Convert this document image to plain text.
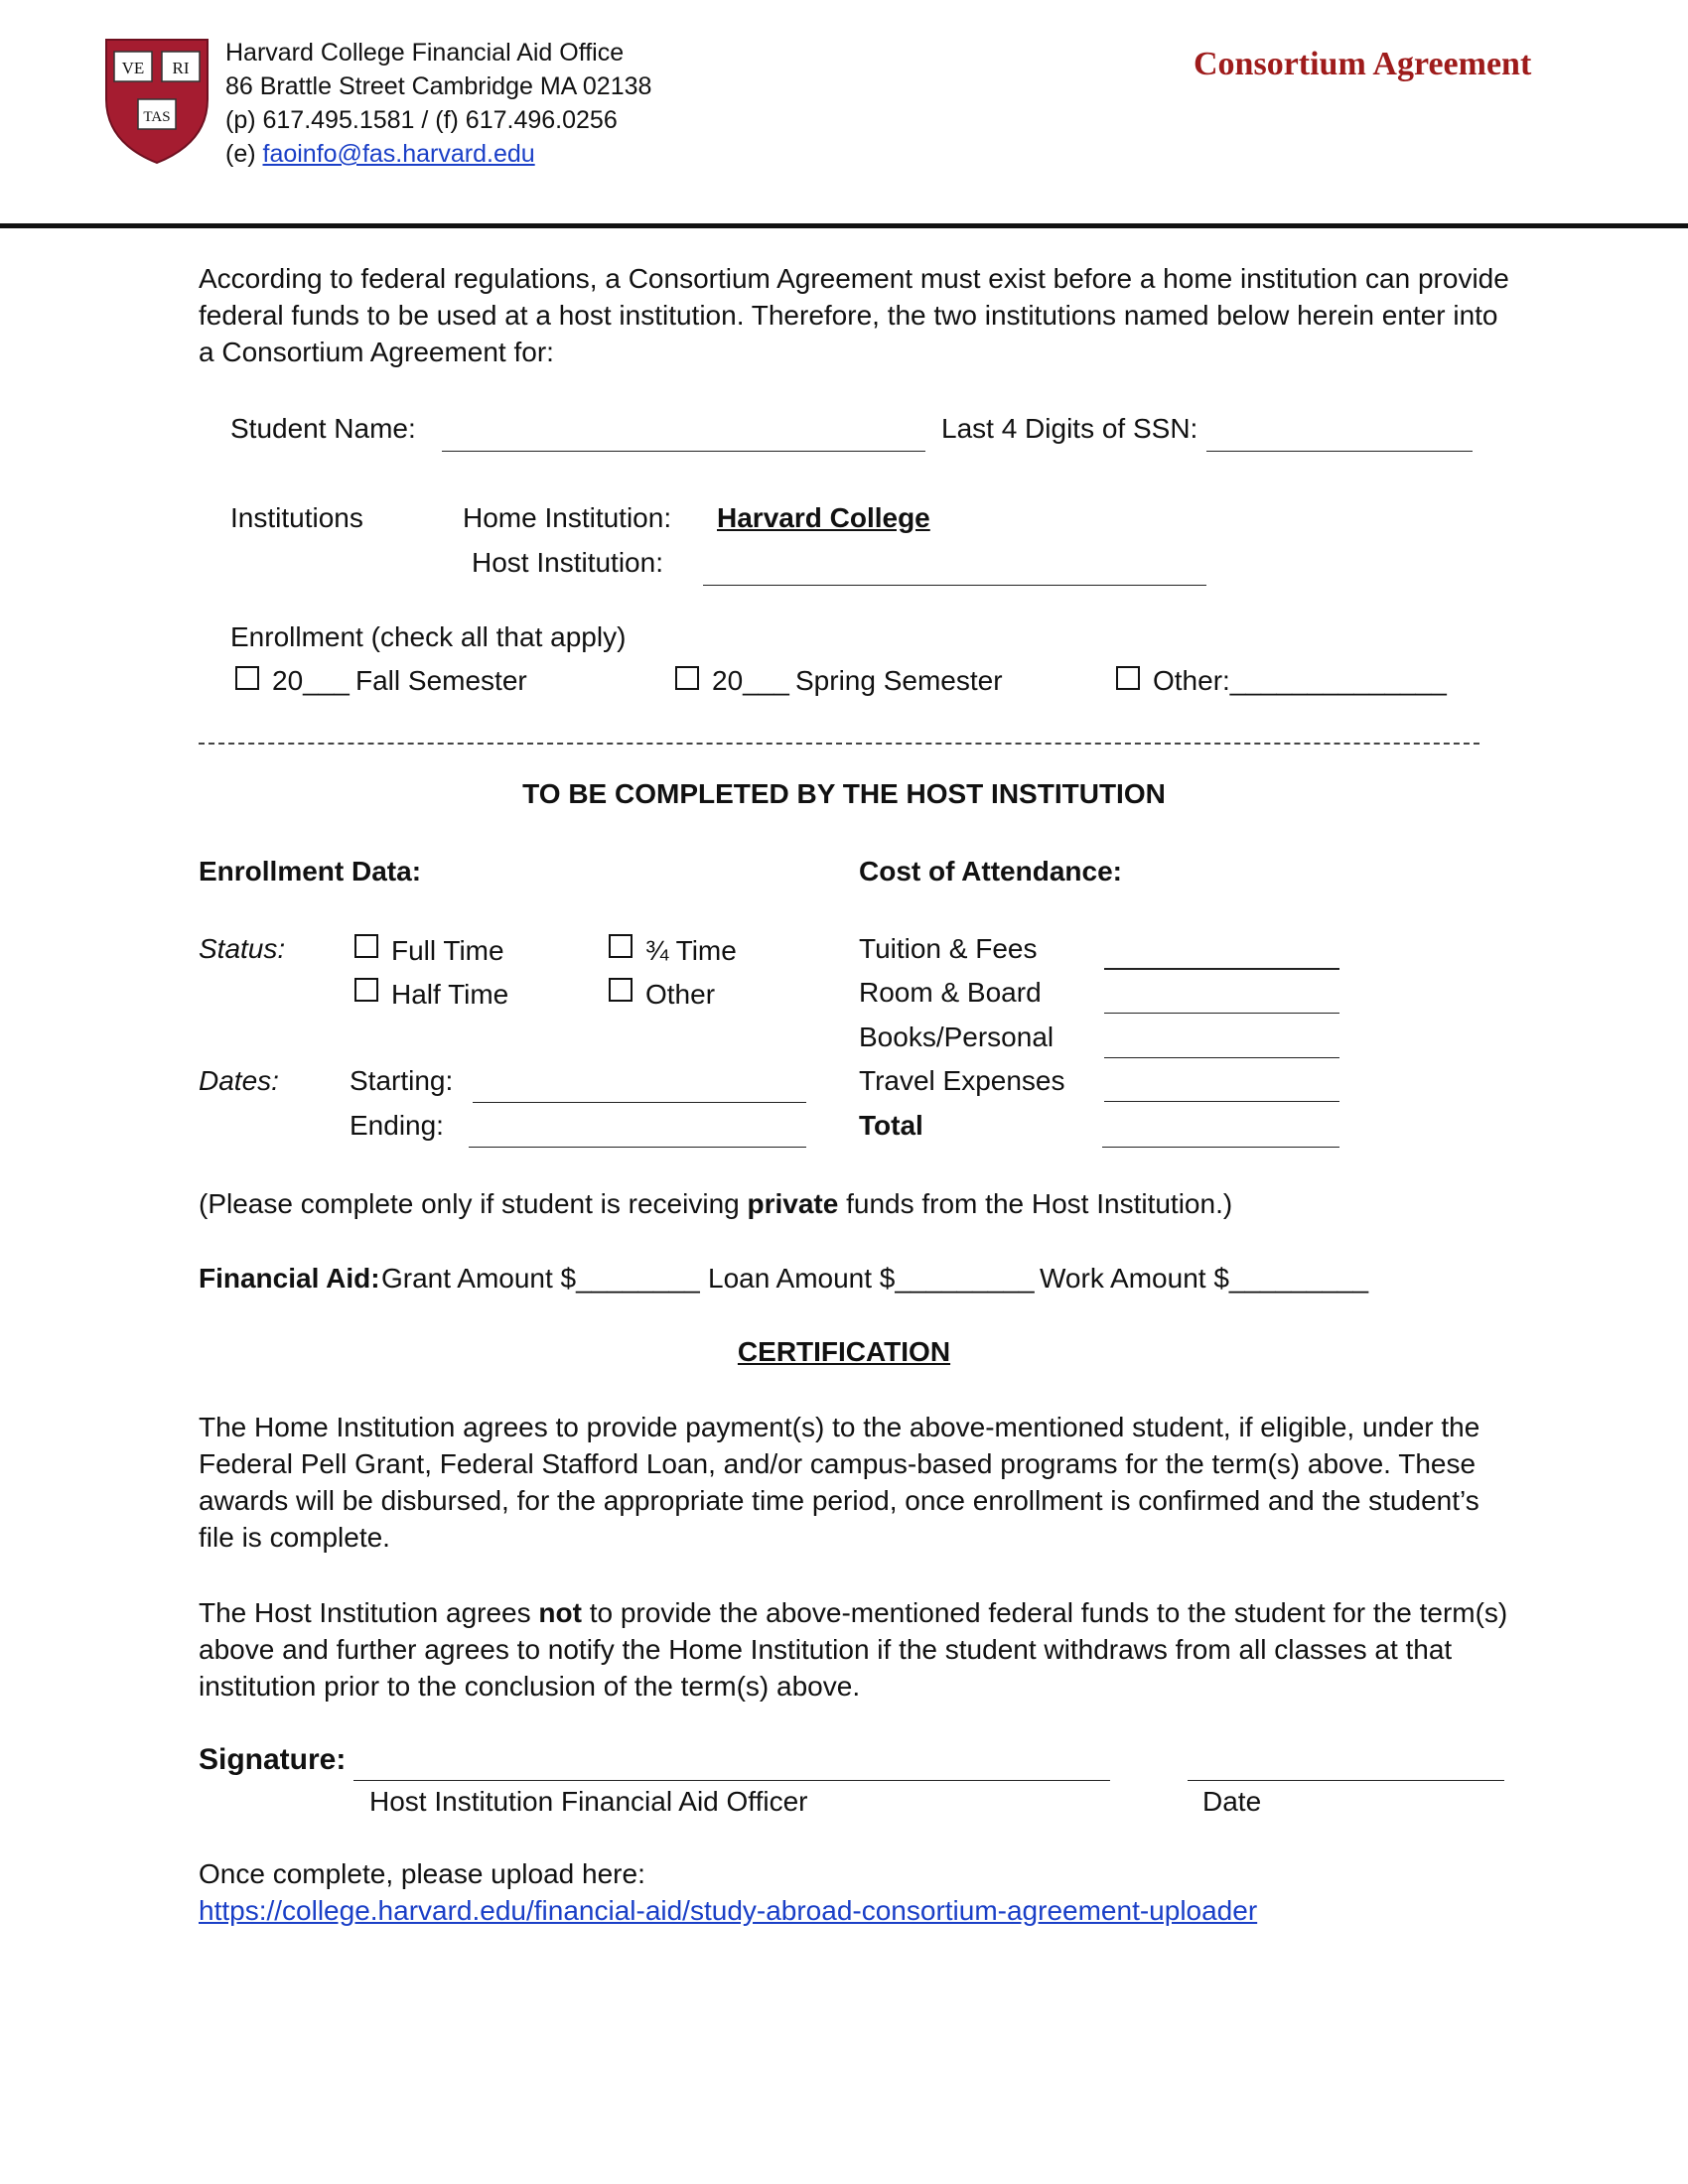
VE RI
TAS
Harvard College Financial Aid Office
86 Brattle Street Cambridge MA 02138
(p) 617.495.1581 / (f) 617.496.0256
(e) faoinfo@fas.harvard.edu
Consortium Agreement
According to federal regulations, a Consortium Agreement must exist before a home institution can provide federal funds to be used at a host institution. Therefore, the two institutions named below herein enter into a Consortium Agreement for:
Student Name:	Last 4 Digits of SSN:
Institutions	Home Institution: Harvard College
Host Institution:
Enrollment (check all that apply)
20___ Fall Semester	20___ Spring Semester	Other:______________
TO BE COMPLETED BY THE HOST INSTITUTION
Enrollment Data:	Cost of Attendance:
Status:	Full Time	¾ Time
Half Time	Other
Dates:	Starting:
Ending:
Tuition & Fees
Room & Board
Books/Personal
Travel Expenses
Total
(Please complete only if student is receiving private funds from the Host Institution.)
Financial Aid: Grant Amount $________ Loan Amount $_________ Work Amount $_________
CERTIFICATION
The Home Institution agrees to provide payment(s) to the above-mentioned student, if eligible, under the Federal Pell Grant, Federal Stafford Loan, and/or campus-based programs for the term(s) above. These awards will be disbursed, for the appropriate time period, once enrollment is confirmed and the student’s file is complete.
The Host Institution agrees not to provide the above-mentioned federal funds to the student for the term(s) above and further agrees to notify the Home Institution if the student withdraws from all classes at that institution prior to the conclusion of the term(s) above.
Signature:
Host Institution Financial Aid Officer	Date
Once complete, please upload here:
https://college.harvard.edu/financial-aid/study-abroad-consortium-agreement-uploader
